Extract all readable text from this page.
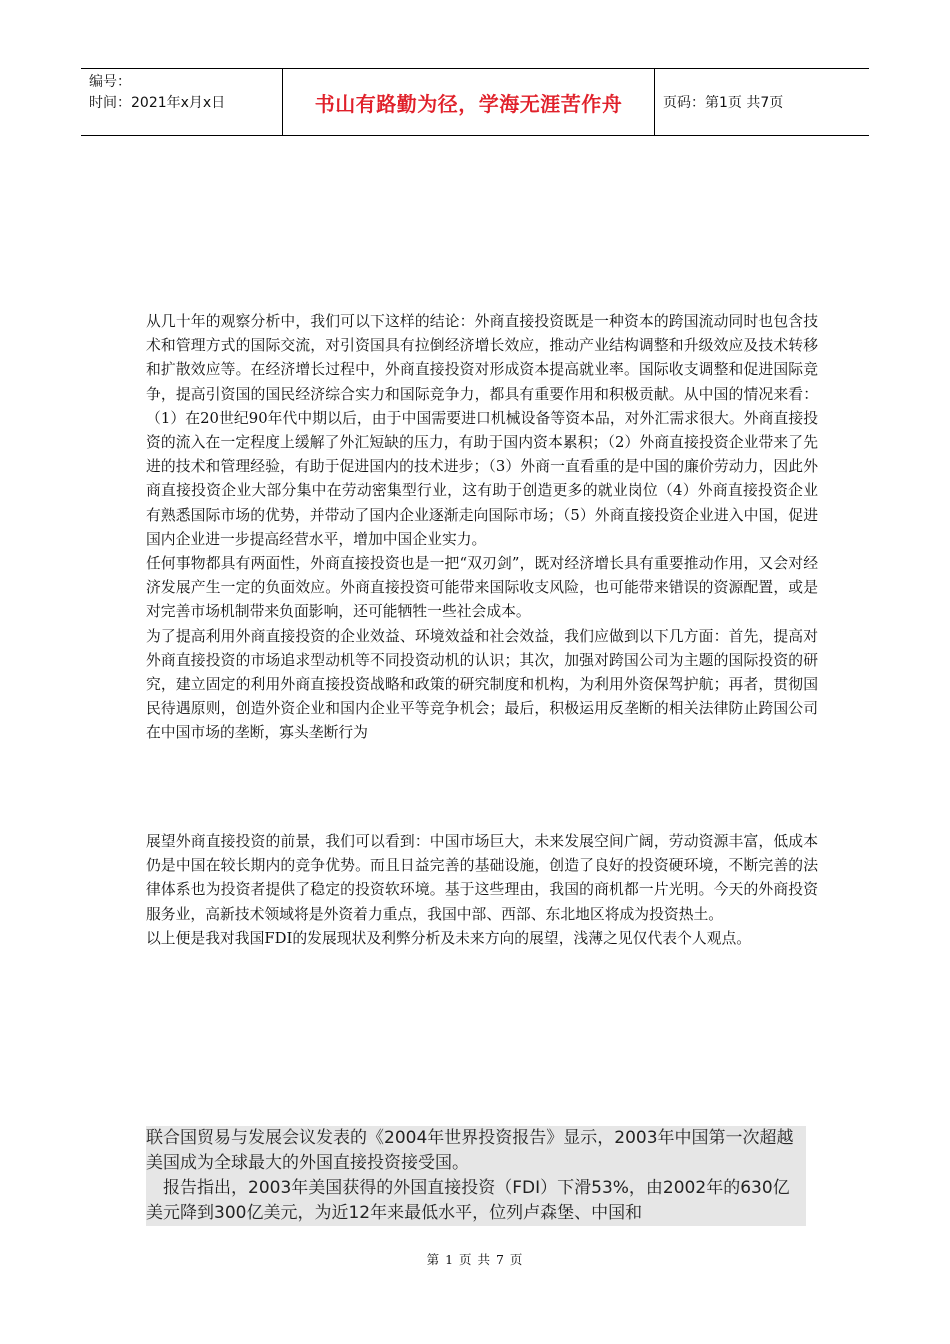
编号：
时间：2021年x月x日	书山有路勤为径，学海无涯苦作舟	页码：第1页 共7页

从几十年的观察分析中，我们可以下这样的结论：外商直接投资既是一种资本的跨国流动同时也包含技术和管理方式的国际交流，对引资国具有拉倒经济增长效应，推动产业结构调整和升级效应及技术转移和扩散效应等。在经济增长过程中，外商直接投资对形成资本提高就业率。国际收支调整和促进国际竞争，提高引资国的国民经济综合实力和国际竞争力，都具有重要作用和积极贡献。从中国的情况来看：（1）在20世纪90年代中期以后，由于中国需要进口机械设备等资本品，对外汇需求很大。外商直接投资的流入在一定程度上缓解了外汇短缺的压力，有助于国内资本累积；（2）外商直接投资企业带来了先进的技术和管理经验，有助于促进国内的技术进步；（3）外商一直看重的是中国的廉价劳动力，因此外商直接投资企业大部分集中在劳动密集型行业，这有助于创造更多的就业岗位（4）外商直接投资企业有熟悉国际市场的优势，并带动了国内企业逐渐走向国际市场；（5）外商直接投资企业进入中国，促进国内企业进一步提高经营水平，增加中国企业实力。

任何事物都具有两面性，外商直接投资也是一把“双刃剑”，既对经济增长具有重要推动作用，又会对经济发展产生一定的负面效应。外商直接投资可能带来国际收支风险，也可能带来错误的资源配置，或是对完善市场机制带来负面影响，还可能牺牲一些社会成本。

为了提高利用外商直接投资的企业效益、环境效益和社会效益，我们应做到以下几方面：首先，提高对外商直接投资的市场追求型动机等不同投资动机的认识；其次，加强对跨国公司为主题的国际投资的研究，建立固定的利用外商直接投资战略和政策的研究制度和机构，为利用外资保驾护航；再者，贯彻国民待遇原则，创造外资企业和国内企业平等竞争机会；最后，积极运用反垄断的相关法律防止跨国公司在中国市场的垄断，寡头垄断行为

展望外商直接投资的前景，我们可以看到：中国市场巨大，未来发展空间广阔，劳动资源丰富，低成本仍是中国在较长期内的竞争优势。而且日益完善的基础设施，创造了良好的投资硬环境，不断完善的法律体系也为投资者提供了稳定的投资软环境。基于这些理由，我国的商机都一片光明。今天的外商投资服务业，高新技术领域将是外资着力重点，我国中部、西部、东北地区将成为投资热土。

以上便是我对我国FDI的发展现状及利弊分析及未来方向的展望，浅薄之见仅代表个人观点。

联合国贸易与发展会议发表的《2004年世界投资报告》显示，2003年中国第一次超越美国成为全球最大的外国直接投资接受国。

　报告指出，2003年美国获得的外国直接投资（FDI）下滑53%，由2002年的630亿美元降到300亿美元，为近12年来最低水平，位列卢森堡、中国和

第 1 页 共 7 页
